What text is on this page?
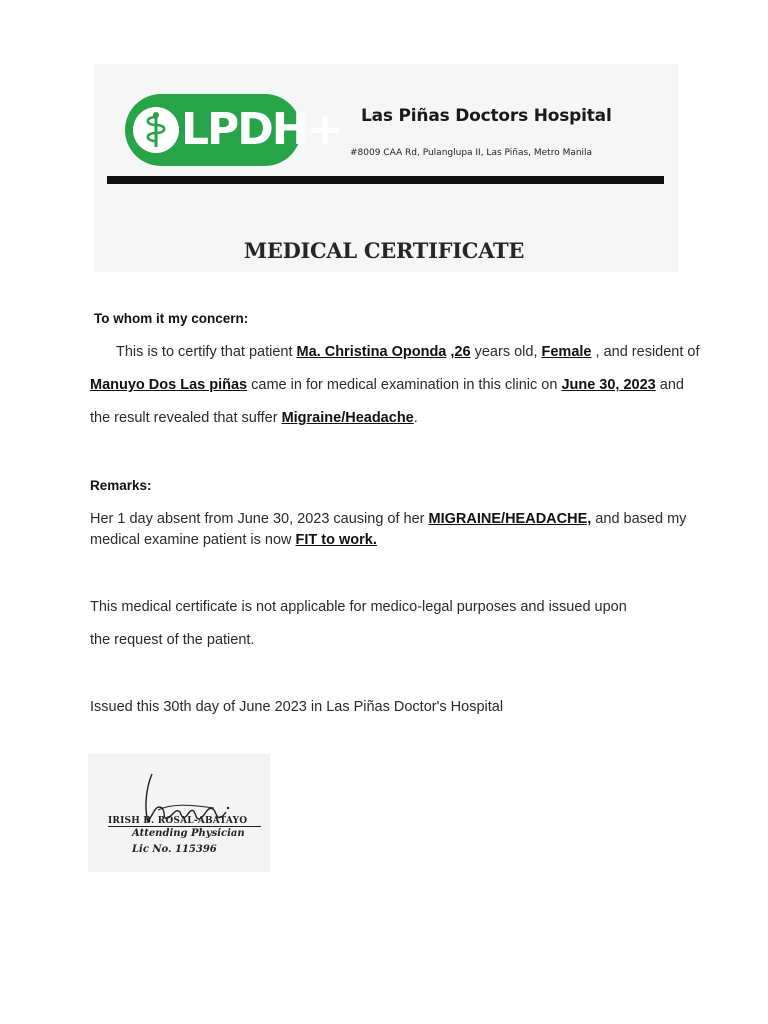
LPDH+ Las Piñas Doctors Hospital
#8009 CAA Rd, Pulanglupa II, Las Piñas, Metro Manila
MEDICAL CERTIFICATE
To whom it my concern:
This is to certify that patient Ma. Christina Oponda ,26 years old, Female , and resident of
Manuyo Dos Las piñas came in for medical examination in this clinic on June 30, 2023 and
the result revealed that suffer Migraine/Headache.
Remarks:
Her 1 day absent from June 30, 2023 causing of her MIGRAINE/HEADACHE, and based my
medical examine patient is now FIT to work.
This medical certificate is not applicable for medico-legal purposes and issued upon
the request of the patient.
Issued this 30th day of June 2023 in Las Piñas Doctor's Hospital
IRISH B. ROSAL-ABATAYO
Attending Physician
Lic No. 115396
